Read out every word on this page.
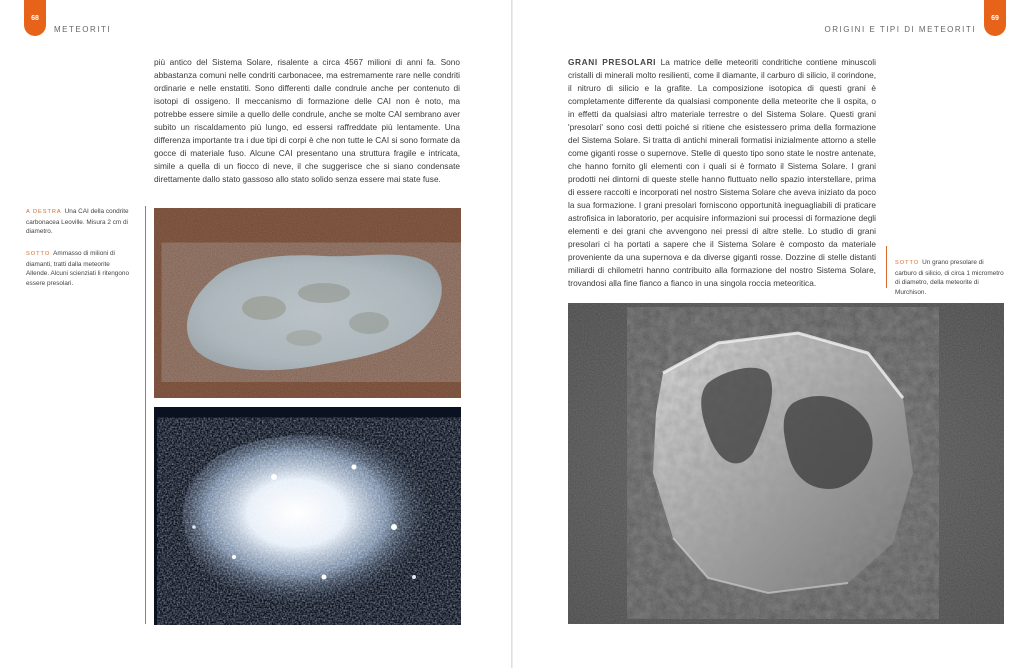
68
METEORITI
più antico del Sistema Solare, risalente a circa 4567 milioni di anni fa. Sono abbastanza comuni nelle condriti carbonacee, ma estremamente rare nelle condriti ordinarie e nelle enstatiti. Sono differenti dalle condrule anche per contenuto di isotopi di ossigeno. Il meccanismo di formazione delle CAI non è noto, ma potrebbe essere simile a quello delle condrule, anche se molte CAI sembrano aver subito un riscaldamento più lungo, ed essersi raffreddate più lentamente. Una differenza importante tra i due tipi di corpi è che non tutte le CAI si sono formate da gocce di materiale fuso. Alcune CAI presentano una struttura fragile e intricata, simile a quella di un fiocco di neve, il che suggerisce che si siano condensate direttamente dallo stato gassoso allo stato solido senza essere mai state fuse.
A DESTRA Una CAI della condrite carbonacea Leoville. Misura 2 cm di diametro.
SOTTO Ammasso di milioni di diamanti, tratti dalla meteorite Allende. Alcuni scienziati li ritengono essere presolari.
ORIGINI E TIPI DI METEORITI
69
GRANI PRESOLARI La matrice delle meteoriti condritiche contiene minuscoli cristalli di minerali molto resilienti, come il diamante, il carburo di silicio, il corindone, il nitruro di silicio e la grafite. La composizione isotopica di questi grani è completamente differente da qualsiasi componente della meteorite che li ospita, o in effetti da qualsiasi altro materiale terrestre o del Sistema Solare. Questi grani 'presolari' sono così detti poiché si ritiene che esistessero prima della formazione del Sistema Solare. Si tratta di antichi minerali formatisi inizialmente attorno a stelle come giganti rosse o supernove. Stelle di questo tipo sono state le nostre antenate, che hanno fornito gli elementi con i quali si è formato il Sistema Solare. I grani prodotti nei dintorni di queste stelle hanno fluttuato nello spazio interstellare, prima di essere raccolti e incorporati nel nostro Sistema Solare che aveva iniziato da poco la sua formazione. I grani presolari forniscono opportunità ineguagliabili di praticare astrofisica in laboratorio, per acquisire informazioni sui processi di formazione degli elementi e dei grani che avvengono nei pressi di altre stelle. Lo studio di grani presolari ci ha portati a sapere che il Sistema Solare è composto da materiale proveniente da una supernova e da diverse giganti rosse. Dozzine di stelle distanti miliardi di chilometri hanno contribuito alla formazione del nostro Sistema Solare, trovandosi alla fine fianco a fianco in una singola roccia meteoritica.
SOTTO Un grano presolare di carburo di silicio, di circa 1 micrometro di diametro, della meteorite di Murchison.
